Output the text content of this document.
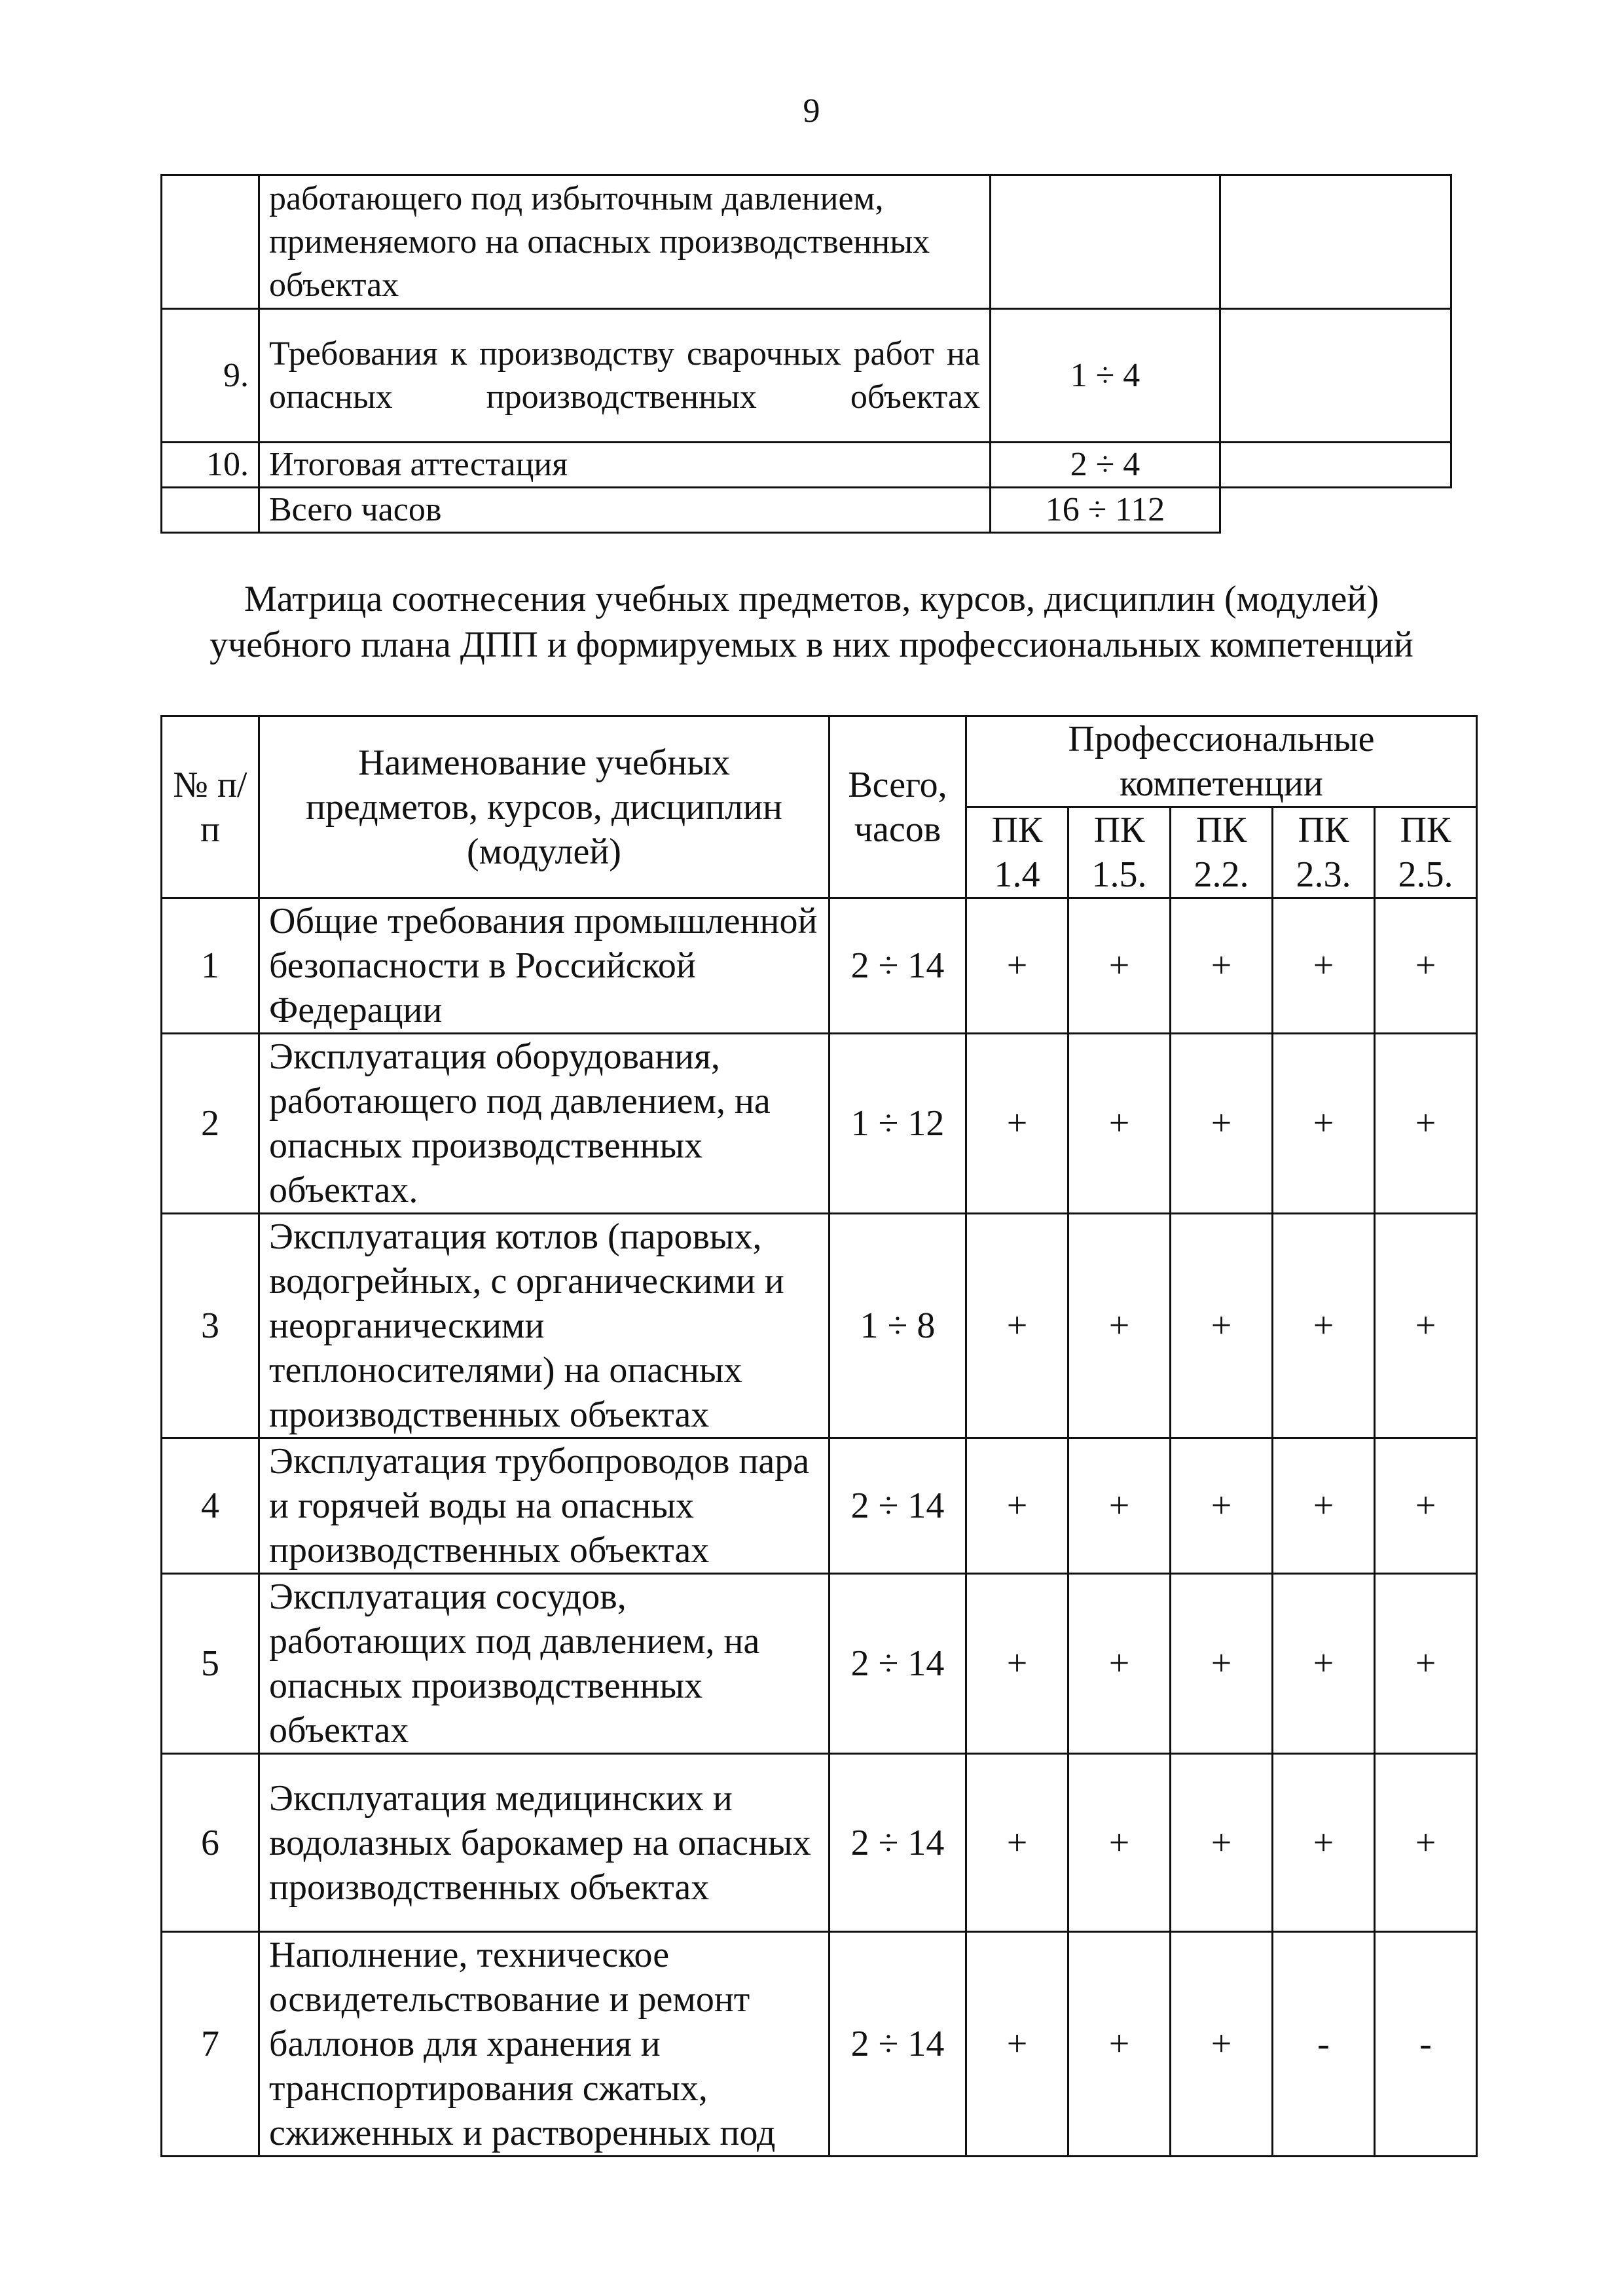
9
	работающего под избыточным давлением, применяемого на опасных производственных объектах		
9.	Требования к производству сварочных работ на опасных производственных объектах	1 ÷ 4	
10.	Итоговая аттестация	2 ÷ 4	
	Всего часов	16 ÷ 112	
Матрица соотнесения учебных предметов, курсов, дисциплин (модулей)
учебного плана ДПП и формируемых в них профессиональных компетенций
№ п/п	Наименование учебных предметов, курсов, дисциплин (модулей)	Всего, часов	Профессиональные компетенции				
			ПК 1.4	ПК 1.5.	ПК 2.2.	ПК 2.3.	ПК 2.5.
1	Общие требования промышленной безопасности в Российской Федерации	2 ÷ 14	+	+	+	+	+
2	Эксплуатация оборудования, работающего под давлением, на опасных производственных объектах.	1 ÷ 12	+	+	+	+	+
3	Эксплуатация котлов (паровых, водогрейных, с органическими и неорганическими теплоносителями) на опасных производственных объектах	1 ÷ 8	+	+	+	+	+
4	Эксплуатация трубопроводов пара и горячей воды на опасных производственных объектах	2 ÷ 14	+	+	+	+	+
5	Эксплуатация сосудов, работающих под давлением, на опасных производственных объектах	2 ÷ 14	+	+	+	+	+
6	Эксплуатация медицинских и водолазных барокамер на опасных производственных объектах	2 ÷ 14	+	+	+	+	+
7	Наполнение, техническое освидетельствование и ремонт баллонов для хранения и транспортирования сжатых, сжиженных и растворенных под	2 ÷ 14	+	+	+	-	-
